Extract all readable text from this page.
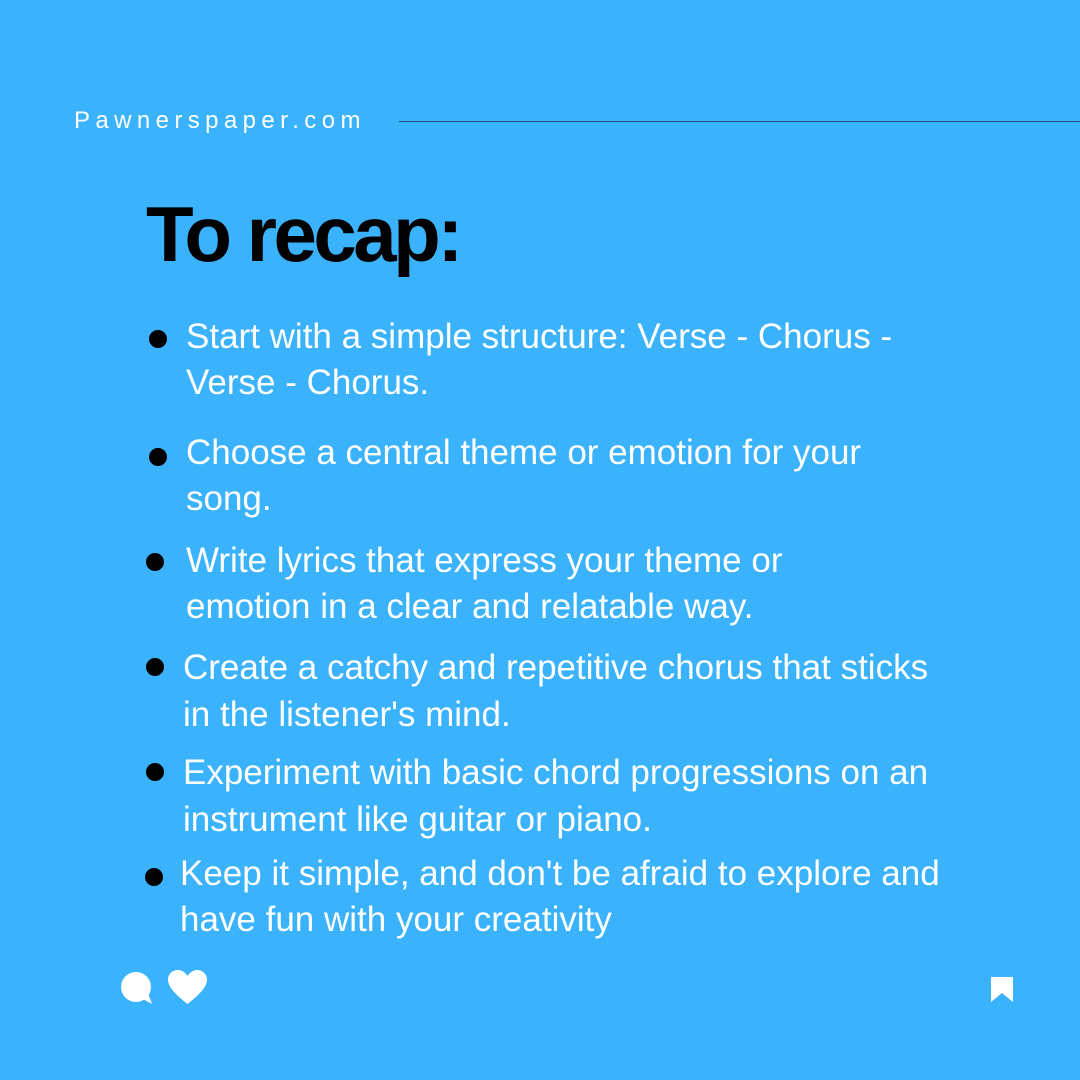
Pawnerspaper.com

To recap:

Start with a simple structure: Verse - Chorus -

Verse - Chorus.

Choose a central theme or emotion for your

song.

Write lyrics that express your theme or

emotion in a clear and relatable way.

Create a catchy and repetitive chorus that sticks

in the listener's mind.

Experiment with basic chord progressions on an

instrument like guitar or piano.

Keep it simple, and don't be afraid to explore and

have fun with your creativity
